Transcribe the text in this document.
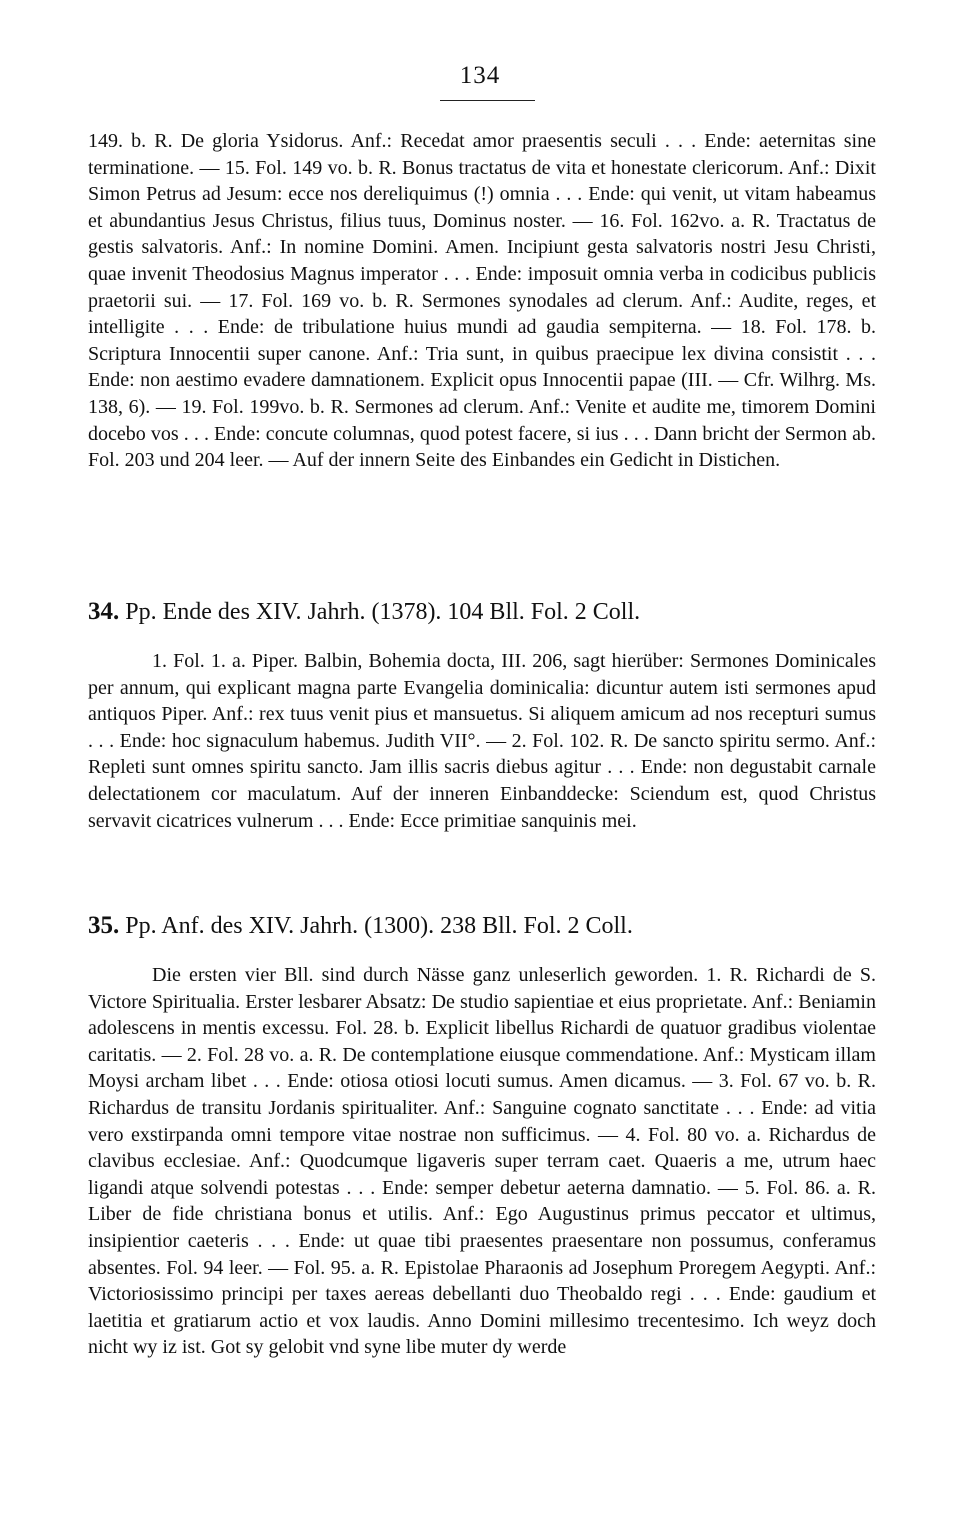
134

149. b. R. De gloria Ysidorus. Anf.: Recedat amor praesentis seculi . . . Ende: aeternitas sine terminatione. — 15. Fol. 149 vo. b. R. Bonus tractatus de vita et honestate clericorum. Anf.: Dixit Simon Petrus ad Jesum: ecce nos dereliquimus (!) omnia . . . Ende: qui venit, ut vitam habeamus et abundantius Jesus Christus, filius tuus, Dominus noster. — 16. Fol. 162vo. a. R. Tractatus de gestis salvatoris. Anf.: In nomine Domini. Amen. Incipiunt gesta salvatoris nostri Jesu Christi, quae invenit Theodosius Magnus imperator . . . Ende: imposuit omnia verba in codicibus publicis praetorii sui. — 17. Fol. 169 vo. b. R. Sermones synodales ad clerum. Anf.: Audite, reges, et intelligite . . . Ende: de tribulatione huius mundi ad gaudia sempiterna. — 18. Fol. 178. b. Scriptura Innocentii super canone. Anf.: Tria sunt, in quibus praecipue lex divina consistit . . . Ende: non aestimo evadere damnationem. Explicit opus Innocentii papae (III. — Cfr. Wilhrg. Ms. 138, 6). — 19. Fol. 199vo. b. R. Sermones ad clerum. Anf.: Venite et audite me, timorem Domini docebo vos . . . Ende: concute columnas, quod potest facere, si ius . . . Dann bricht der Sermon ab. Fol. 203 und 204 leer. — Auf der innern Seite des Einbandes ein Gedicht in Distichen.

34. Pp. Ende des XIV. Jahrh. (1378). 104 Bll. Fol. 2 Coll.

1. Fol. 1. a. Piper. Balbin, Bohemia docta, III. 206, sagt hierüber: Sermones Dominicales per annum, qui explicant magna parte Evangelia dominicalia: dicuntur autem isti sermones apud antiquos Piper. Anf.: rex tuus venit pius et mansuetus. Si aliquem amicum ad nos recepturi sumus . . . Ende: hoc signaculum habemus. Judith VII°. — 2. Fol. 102. R. De sancto spiritu sermo. Anf.: Repleti sunt omnes spiritu sancto. Jam illis sacris diebus agitur . . . Ende: non degustabit carnale delectationem cor maculatum. Auf der inneren Einbanddecke: Sciendum est, quod Christus servavit cicatrices vulnerum . . . Ende: Ecce primitiae sanquinis mei.

35. Pp. Anf. des XIV. Jahrh. (1300). 238 Bll. Fol. 2 Coll.

Die ersten vier Bll. sind durch Nässe ganz unleserlich geworden. 1. R. Richardi de S. Victore Spiritualia. Erster lesbarer Absatz: De studio sapientiae et eius proprietate. Anf.: Beniamin adolescens in mentis excessu. Fol. 28. b. Explicit libellus Richardi de quatuor gradibus violentae caritatis. — 2. Fol. 28 vo. a. R. De contemplatione eiusque commendatione. Anf.: Mysticam illam Moysi archam libet . . . Ende: otiosa otiosi locuti sumus. Amen dicamus. — 3. Fol. 67 vo. b. R. Richardus de transitu Jordanis spiritualiter. Anf.: Sanguine cognato sanctitate . . . Ende: ad vitia vero exstirpanda omni tempore vitae nostrae non sufficimus. — 4. Fol. 80 vo. a. Richardus de clavibus ecclesiae. Anf.: Quodcumque ligaveris super terram caet. Quaeris a me, utrum haec ligandi atque solvendi potestas . . . Ende: semper debetur aeterna damnatio. — 5. Fol. 86. a. R. Liber de fide christiana bonus et utilis. Anf.: Ego Augustinus primus peccator et ultimus, insipientior caeteris . . . Ende: ut quae tibi praesentes praesentare non possumus, conferamus absentes. Fol. 94 leer. — Fol. 95. a. R. Epistolae Pharaonis ad Josephum Proregem Aegypti. Anf.: Victoriosissimo principi per taxes aereas debellanti duo Theobaldo regi . . . Ende: gaudium et laetitia et gratiarum actio et vox laudis. Anno Domini millesimo trecentesimo. Ich weyz doch nicht wy iz ist. Got sy gelobit vnd syne libe muter dy werde
